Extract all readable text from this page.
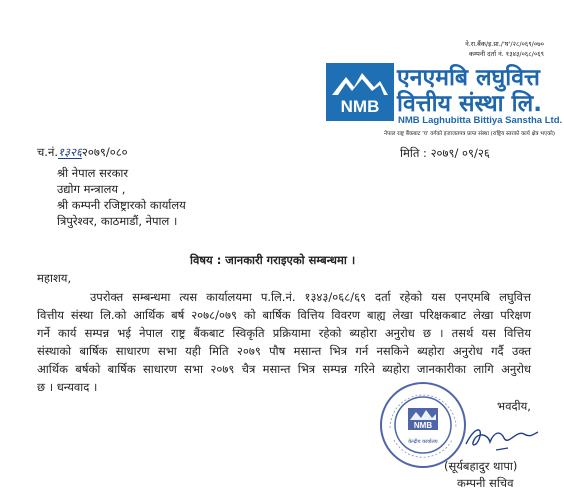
ने.रा.बैंक/इ.प्रा./'घ'/२८/०६९/०७०
कम्पनी दर्ता नं. १३४३/०६८/०६९
NMB
एनएमबि लघुवित्त
वित्तीय संस्था लि.
NMB Laghubitta Bittiya Sanstha Ltd.
नेपाल राष्ट्र बैंकबाट 'घ' वर्गको इजाजतपत्र प्राप्त संस्था (राष्ट्रिय स्तरको कार्य क्षेत्र भएको)
च.नं.१३२६२०७९/०८०	मिति : २०७९/ ०९/२६
श्री नेपाल सरकार
उद्योग मन्त्रालय ,
श्री कम्पनी रजिष्ट्रारको कार्यालय
त्रिपुरेश्वर, काठमाडौं, नेपाल ।
विषय : जानकारी गराइएको सम्बन्धमा ।
महाशय,
उपरोक्त सम्बन्धमा त्यस कार्यालयमा प.लि.नं. १३४३/०६८/६९ दर्ता रहेको यस एनएमबि लघुवित्त
वित्तीय संस्था लि.को आर्थिक बर्ष २०७८/०७९ को बार्षिक वित्तिय विवरण बाह्य लेखा परिक्षकबाट लेखा परिक्षण
गर्ने कार्य सम्पन्न भई नेपाल राष्ट्र बैंकबाट स्विकृति प्रक्रियामा रहेको ब्यहोरा अनुरोध छ । तसर्थ यस वित्तिय
संस्थाको बार्षिक साधारण सभा यही मिति २०७९ पौष मसान्त भित्र गर्न नसकिने ब्यहोरा अनुरोध गर्दै उक्त
आर्थिक बर्षको बार्षिक साधारण सभा २०७९ चैत्र मसान्त भित्र सम्पन्न गरिने ब्यहोरा जानकारीका लागि अनुरोध
छ । धन्यवाद ।
भवदीय,
NMB
केन्द्रीय कार्यालय
(सूर्यबहादुर थापा)
कम्पनी सचिव
